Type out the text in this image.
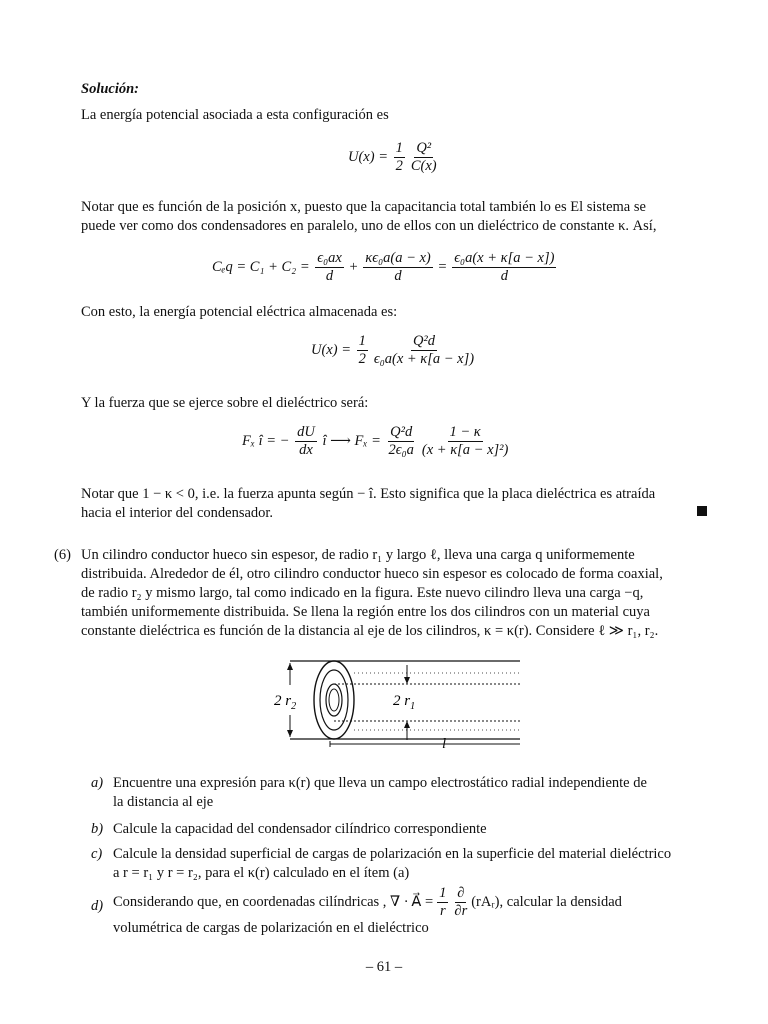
Solución:
La energía potencial asociada a esta configuración es
$U(x) = \frac{1}{2} \frac{\text{Q²}}{C(x)}$
Notar que es función de la posición x, puesto que la capacitancia total también lo es El sistema se
puede ver como dos condensadores en paralelo, uno de ellos con un dieléctrico de constante κ. Así,
$C_eq = C_1 + C_2 = \frac{\text{ϵ₀ax}}{d} + \frac{\text{κϵ₀a(a − x)}}{d} = \frac{\text{ϵ₀a(x + κ[a − x])}}{d}$
Con esto, la energía potencial eléctrica almacenada es:
$U(x) = \frac{1}{2} \frac{\text{Q²d}}{\text{ϵ₀a(x + κ[a − x])}}$
Y la fuerza que se ejerce sobre el dieléctrico será:
Fₓ î = − $\frac{dU}{dx}$ î ⟶ $F_x = \frac{\text{Q²d}}{\text{2ϵ₀a}} \frac{1 - \kappa}{\text{(x + κ[a − x]²)}}$
Notar que 1 − κ < 0, i.e. la fuerza apunta según − î. Esto significa que la placa dieléctrica es atraída
hacia el interior del condensador.
(6) Un cilindro conductor hueco sin espesor, de radio r₁ y largo ℓ, lleva una carga q uniformemente
distribuida. Alrededor de él, otro cilindro conductor hueco sin espesor es colocado de forma coaxial,
de radio r₂ y mismo largo, tal como indicado en la figura. Este nuevo cilindro lleva una carga −q,
también uniformemente distribuida. Se llena la región entre los dos cilindros con un material cuya
constante dieléctrica es función de la distancia al eje de los cilindros, κ = κ(r). Considere ℓ ≫ r₁, r₂.
2 $r_2$	2 $r_1$
l
a) Encuentre una expresión para κ(r) que lleva un campo electrostático radial independiente de
la distancia al eje
b) Calcule la capacidad del condensador cilíndrico correspondiente
c) Calcule la densidad superficial de cargas de polarización en la superficie del material dieléctrico
a r = r₁ y r = r₂, para el κ(r) calculado en el ítem (a)
d) Considerando que, en coordenadas cilíndricas , ∇ · A⃗ = $\frac{1}{r} \frac{\partial}{\partial r}$ (rAᵣ), calcular la densidad
volumétrica de cargas de polarización en el dieléctrico
– 61 –
